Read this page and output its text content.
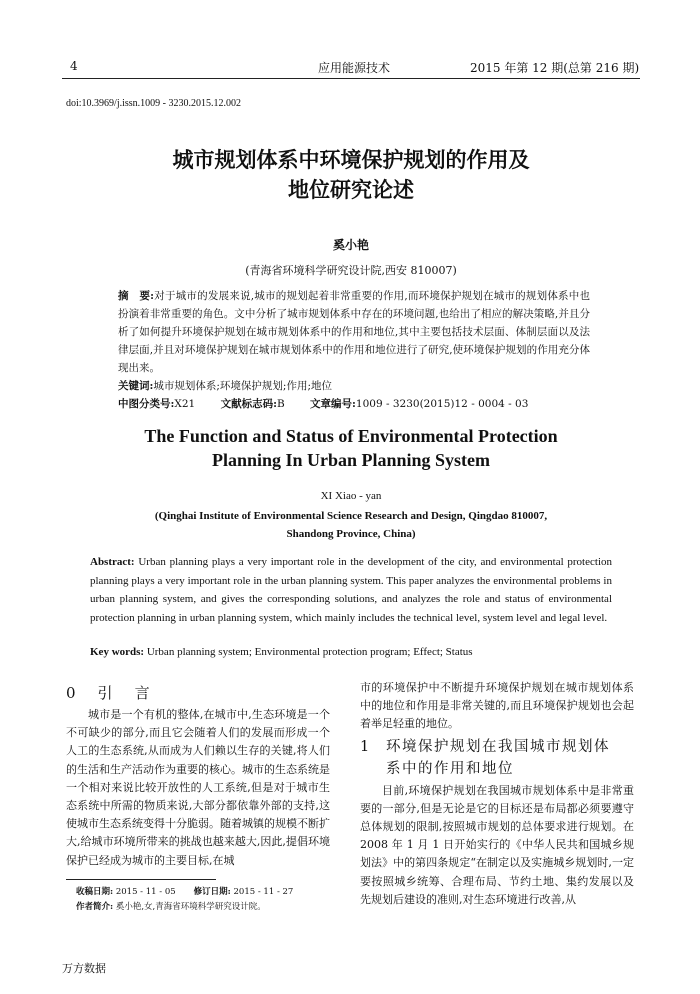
4	应用能源技术	2015 年第 12 期(总第 216 期)
doi:10.3969/j.issn.1009 - 3230.2015.12.002
城市规划体系中环境保护规划的作用及
地位研究论述
奚小艳
(青海省环境科学研究设计院,西安 810007)
摘　要:对于城市的发展来说,城市的规划起着非常重要的作用,而环境保护规划在城市的规划体系中也扮演着非常重要的角色。文中分析了城市规划体系中存在的环境问题,也给出了相应的解决策略,并且分析了如何提升环境保护规划在城市规划体系中的作用和地位,其中主要包括技术层面、体制层面以及法律层面,并且对环境保护规划在城市规划体系中的作用和地位进行了研究,使环境保护规划的作用充分体现出来。
关键词:城市规划体系;环境保护规划;作用;地位
中图分类号:X21 文献标志码:B 文章编号:1009 - 3230(2015)12 - 0004 - 03
The Function and Status of Environmental Protection
Planning In Urban Planning System
XI Xiao - yan
(Qinghai Institute of Environmental Science Research and Design, Qingdao 810007,
Shandong Province, China)
Abstract: Urban planning plays a very important role in the development of the city, and environmental protection planning plays a very important role in the urban planning system. This paper analyzes the environmental problems in urban planning system, and gives the corresponding solutions, and analyzes the role and status of environmental protection planning in urban planning system, which mainly includes the technical level, system level and legal level.
Key words: Urban planning system; Environmental protection program; Effect; Status
0 引 言

城市是一个有机的整体,在城市中,生态环境是一个不可缺少的部分,而且它会随着人们的发展而形成一个人工的生态系统,从而成为人们赖以生存的关键,将人们的生活和生产活动作为重要的核心。城市的生态系统是一个相对来说比较开放性的人工系统,但是对于城市生态系统中所需的物质来说,大部分都依靠外部的支持,这使城市生态系统变得十分脆弱。随着城镇的规模不断扩大,给城市环境所带来的挑战也越来越大,因此,提倡环境保护已经成为城市的主要目标,在城

市的环境保护中不断提升环境保护规划在城市规划体系中的地位和作用是非常关键的,而且环境保护规划也会起着举足轻重的地位。

1 环境保护规划在我国城市规划体
系中的作用和地位

目前,环境保护规划在我国城市规划体系中是非常重要的一部分,但是无论是它的目标还是布局都必须要遵守总体规划的限制,按照城市规划的总体要求进行规划。在 2008 年 1 月 1 日开始实行的《中华人民共和国城乡规划法》中的第四条规定“在制定以及实施城乡规划时,一定要按照城乡统筹、合理布局、节约土地、集约发展以及先规划后建设的准则,对生态环境进行改善,从

收稿日期: 2015 - 11 - 05 修订日期: 2015 - 11 - 27
作者简介: 奚小艳,女,青海省环境科学研究设计院。
万方数据
